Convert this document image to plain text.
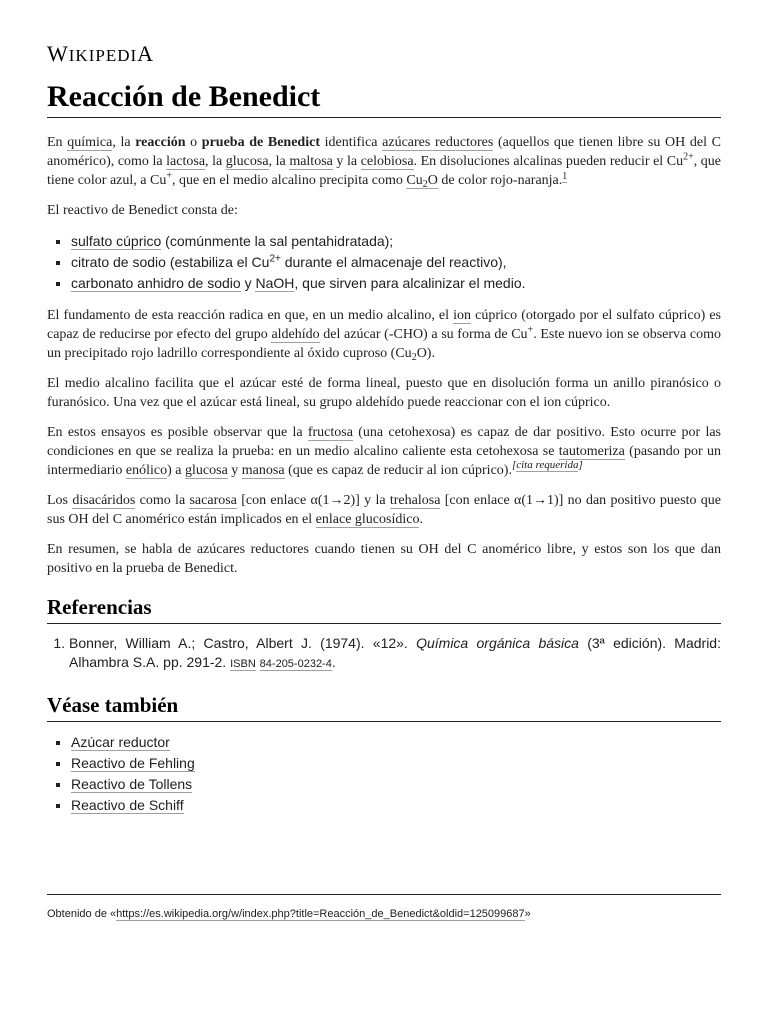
WIKIPEDIA
Reacción de Benedict

En química, la reacción o prueba de Benedict identifica azúcares reductores (aquellos que tienen libre su OH del C anomérico), como la lactosa, la glucosa, la maltosa y la celobiosa. En disoluciones alcalinas pueden reducir el $Cu^{2+}$, que tiene color azul, a Cu+, que en el medio alcalino precipita como $Cu_2O$ de color rojo-naranja.$^1$

El reactivo de Benedict consta de:

▪ sulfato cúprico (comúnmente la sal pentahidratada);
▪ citrato de sodio (estabiliza el $Cu^{2+}$ durante el almacenaje del reactivo),
▪ carbonato anhidro de sodio y NaOH, que sirven para alcalinizar el medio.

El fundamento de esta reacción radica en que, en un medio alcalino, el ion cúprico (otorgado por el sulfato cúprico) es capaz de reducirse por efecto del grupo aldehído del azúcar (-CHO) a su forma de Cu+. Este nuevo ion se observa como un precipitado rojo ladrillo correspondiente al óxido cuproso $(Cu_2O)$.

El medio alcalino facilita que el azúcar esté de forma lineal, puesto que en disolución forma un anillo piranósico o furanósico. Una vez que el azúcar está lineal, su grupo aldehído puede reaccionar con el ion cúprico.

En estos ensayos es posible observar que la fructosa (una cetohexosa) es capaz de dar positivo. Esto ocurre por las condiciones en que se realiza la prueba: en un medio alcalino caliente esta cetohexosa se tautomeriza (pasando por un intermediario enólico) a glucosa y manosa (que es capaz de reducir al ion cúprico).[cita requerida]

Los disacáridos como la sacarosa [con enlace α(1→2)] y la trehalosa [con enlace α(1→1)] no dan positivo puesto que sus OH del C anomérico están implicados en el enlace glucosídico.

En resumen, se habla de azúcares reductores cuando tienen su OH del C anomérico libre, y estos son los que dan positivo en la prueba de Benedict.

Referencias
1. Bonner, William A.; Castro, Albert J. (1974). «12». Química orgánica básica (3ª edición). Madrid: Alhambra S.A. pp. 291-2. ISBN 84-205-0232-4.
Véase también
▪ Azúcar reductor
▪ Reactivo de Fehling
▪ Reactivo de Tollens
▪ Reactivo de Schiff
Obtenido de «https://es.wikipedia.org/w/index.php?title=Reacción_de_Benedict&oldid=125099687»
